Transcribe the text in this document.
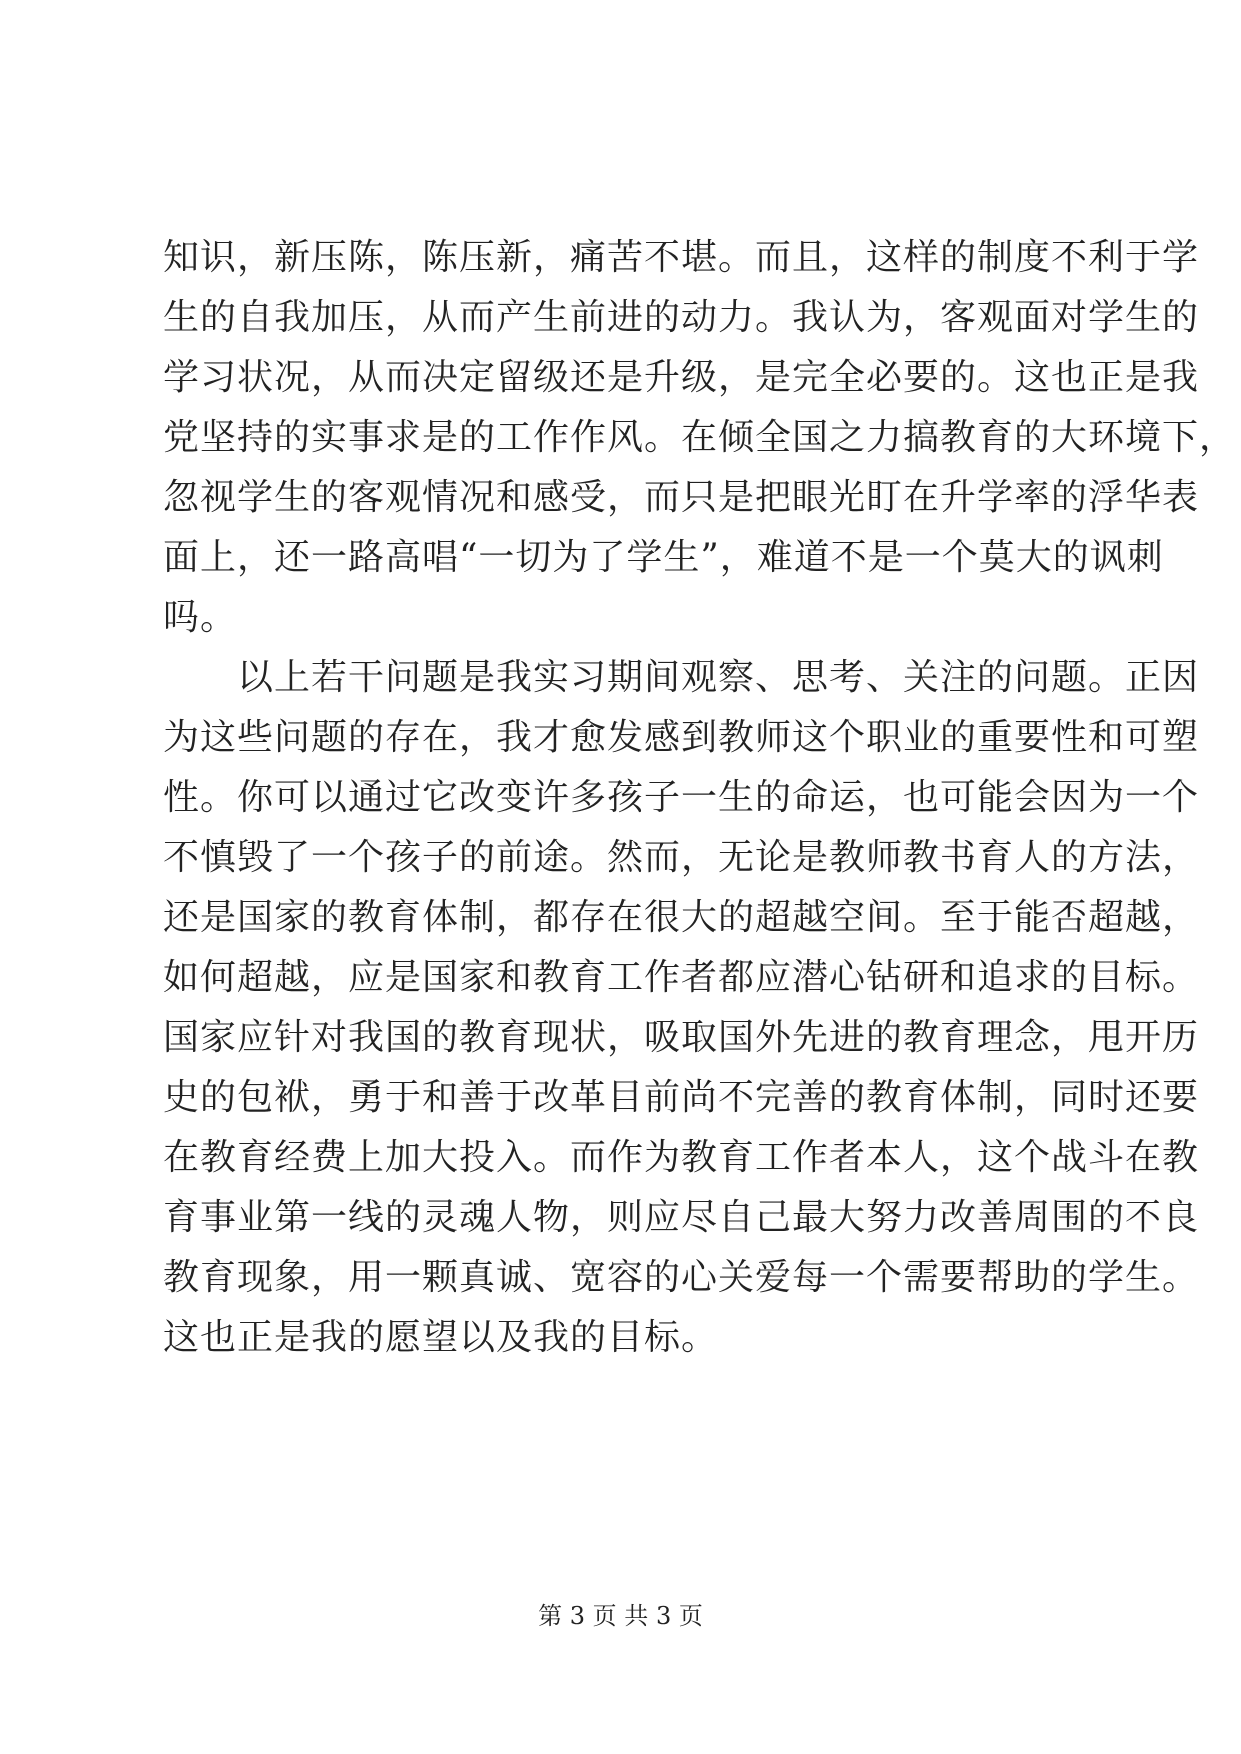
知识，新压陈，陈压新，痛苦不堪。而且，这样的制度不利于学
生的自我加压，从而产生前进的动力。我认为，客观面对学生的
学习状况，从而决定留级还是升级，是完全必要的。这也正是我
党坚持的实事求是的工作作风。在倾全国之力搞教育的大环境下，
忽视学生的客观情况和感受，而只是把眼光盯在升学率的浮华表
面上，还一路高唱“一切为了学生”，难道不是一个莫大的讽刺
吗。
　　以上若干问题是我实习期间观察、思考、关注的问题。正因
为这些问题的存在，我才愈发感到教师这个职业的重要性和可塑
性。你可以通过它改变许多孩子一生的命运，也可能会因为一个
不慎毁了一个孩子的前途。然而，无论是教师教书育人的方法，
还是国家的教育体制，都存在很大的超越空间。至于能否超越，
如何超越，应是国家和教育工作者都应潜心钻研和追求的目标。
国家应针对我国的教育现状，吸取国外先进的教育理念，甩开历
史的包袱，勇于和善于改革目前尚不完善的教育体制，同时还要
在教育经费上加大投入。而作为教育工作者本人，这个战斗在教
育事业第一线的灵魂人物，则应尽自己最大努力改善周围的不良
教育现象，用一颗真诚、宽容的心关爱每一个需要帮助的学生。
这也正是我的愿望以及我的目标。
第 3 页 共 3 页
